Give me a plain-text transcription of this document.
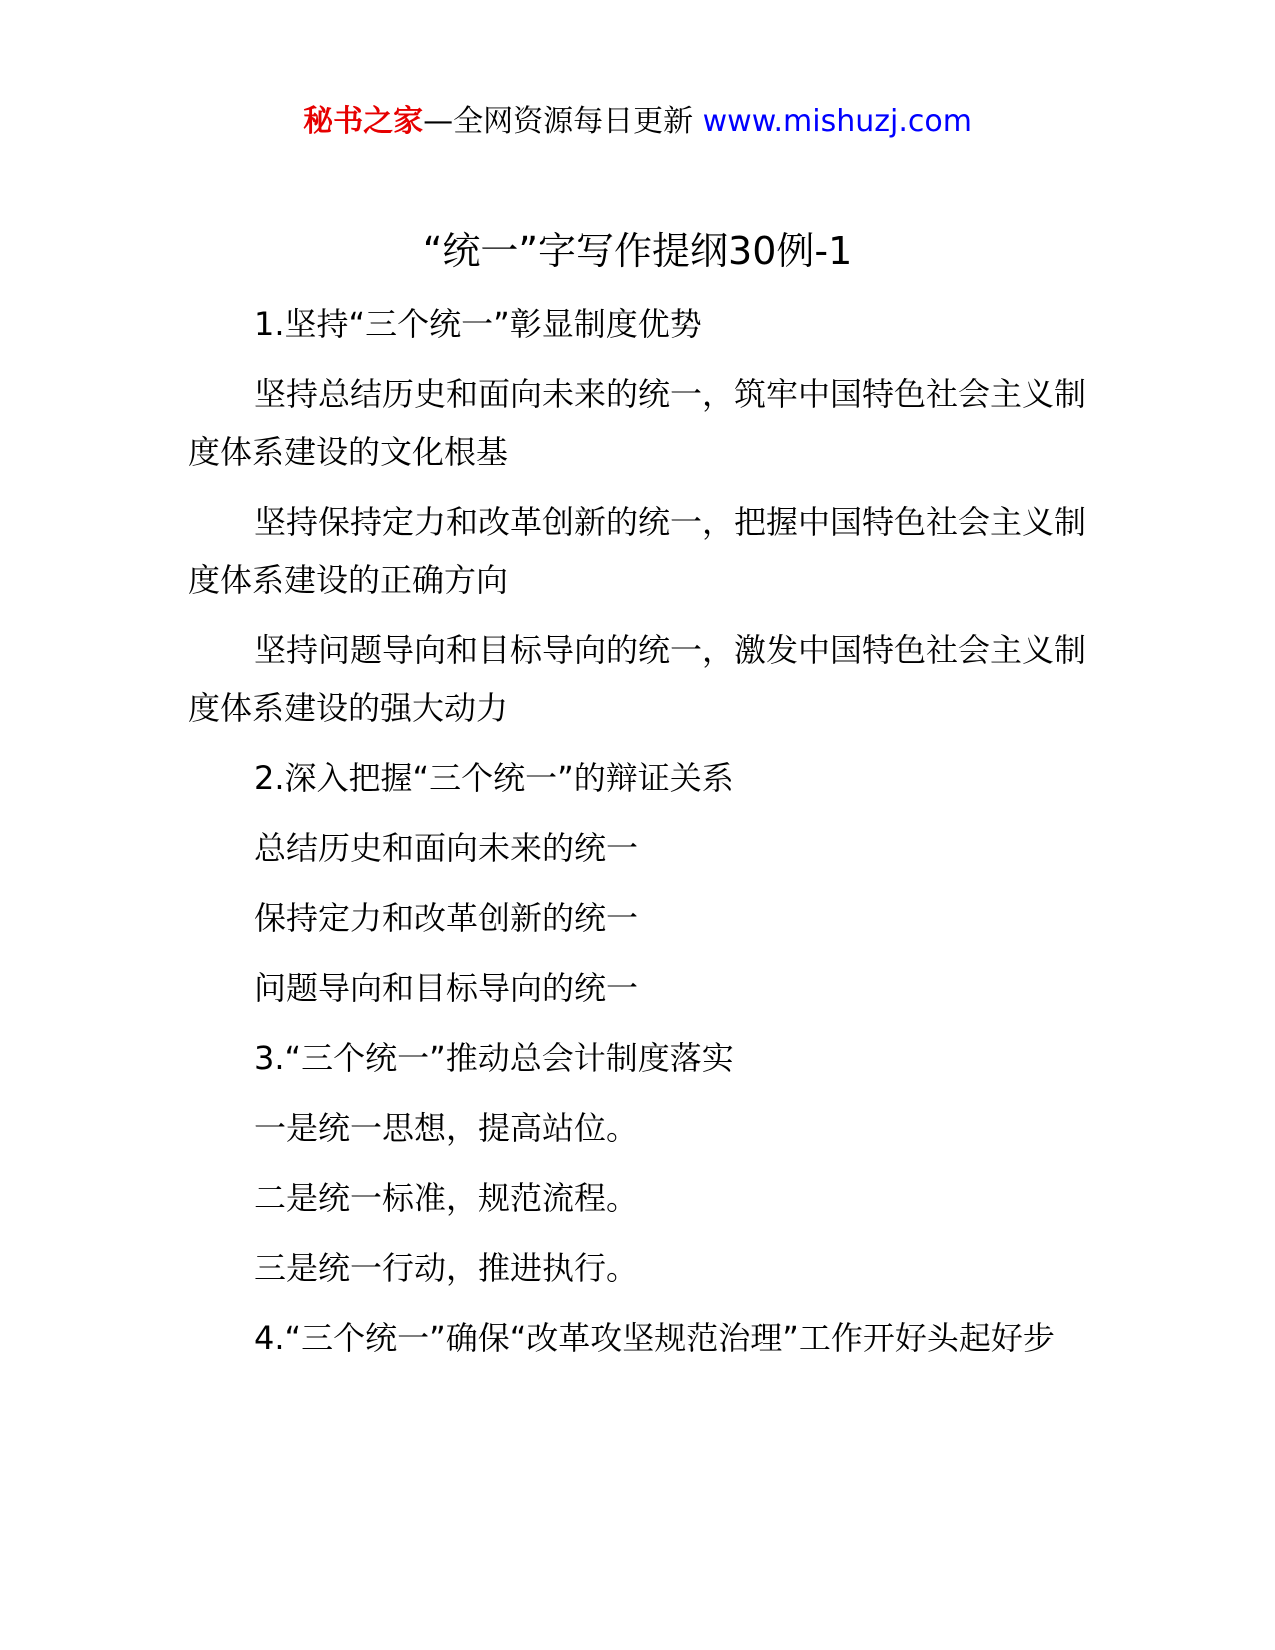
秘书之家—全网资源每日更新 www.mishuzj.com
“统一”字写作提纲30例-1

1.坚持“三个统一”彰显制度优势

坚持总结历史和面向未来的统一，筑牢中国特色社会主义制度体系建设的文化根基

坚持保持定力和改革创新的统一，把握中国特色社会主义制度体系建设的正确方向

坚持问题导向和目标导向的统一，激发中国特色社会主义制度体系建设的强大动力

2.深入把握“三个统一”的辩证关系

总结历史和面向未来的统一

保持定力和改革创新的统一

问题导向和目标导向的统一

3.“三个统一”推动总会计制度落实

一是统一思想，提高站位。

二是统一标准，规范流程。

三是统一行动，推进执行。

4.“三个统一”确保“改革攻坚规范治理”工作开好头起好步
